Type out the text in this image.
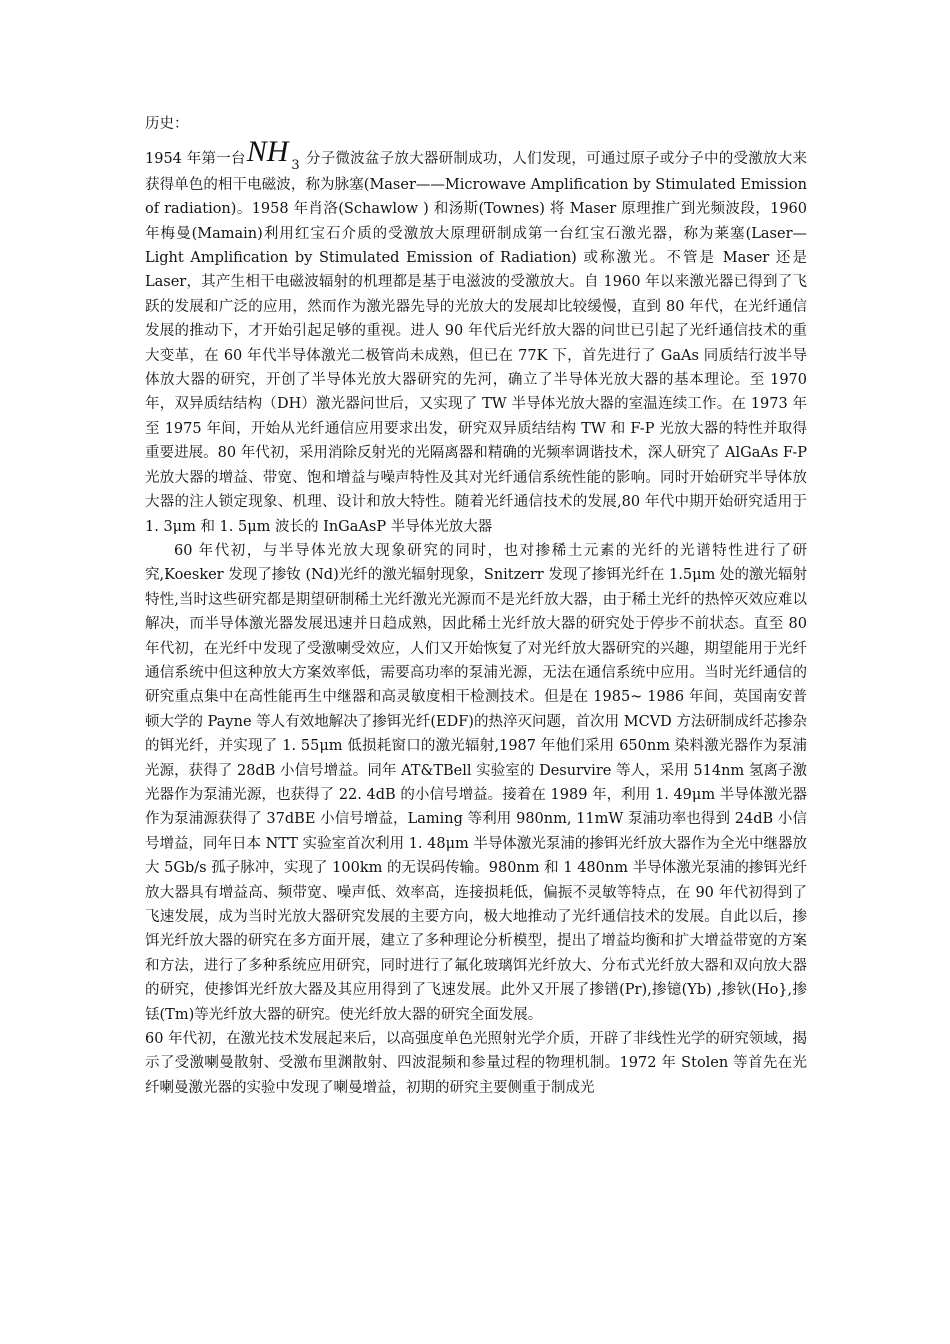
历史：

1954 年第一台NH 3 分子微波盆子放大器研制成功，人们发现，可通过原子或分子中的受激放大来获得单色的相干电磁波，称为脉塞(Maser——Microwave Amplification by Stimulated Emission of radiation)。1958 年肖洛(Schawlow ) 和汤斯(Townes) 将 Maser 原理推广到光频波段，1960 年梅曼(Mamain)利用红宝石介质的受激放大原理研制成第一台红宝石激光器，称为莱塞(Laser—Light Amplification by Stimulated Emission of Radiation) 或称激光。不管是 Maser 还是 Laser，其产生相干电磁波辐射的机理都是基于电滋波的受激放大。自 1960 年以来激光器已得到了飞跃的发展和广泛的应用，然而作为激光器先导的光放大的发展却比较缓慢，直到 80 年代，在光纤通信发展的推动下，才开始引起足够的重视。进人 90 年代后光纤放大器的问世已引起了光纤通信技术的重大变革，在 60 年代半导体激光二极管尚未成熟，但已在 77K 下，首先进行了 GaAs 同质结行波半导体放大器的研究，开创了半导体光放大器研究的先河，确立了半导体光放大器的基本理论。至 1970 年，双异质结结构（DH）激光器问世后，又实现了 TW 半导体光放大器的室温连续工作。在 1973 年至 1975 年间，开始从光纤通信应用要求出发，研究双异质结结构 TW 和 F-P 光放大器的特性并取得重要进展。80 年代初，采用消除反射光的光隔离器和精确的光频率调谐技术，深人研究了 AlGaAs F-P 光放大器的增益、带宽、饱和增益与噪声特性及其对光纤通信系统性能的影响。同时开始研究半导体放大器的注人锁定现象、机理、设计和放大特性。随着光纤通信技术的发展,80 年代中期开始研究适用于 1. 3μm 和 1. 5μm 波长的 InGaAsP 半导体光放大器

60 年代初，与半导体光放大现象研究的同时，也对掺稀土元素的光纤的光谱特性进行了研究,Koesker 发现了掺钕 (Nd)光纤的激光辐射现象，Snitzerr 发现了掺铒光纤在 1.5μm 处的激光辐射特性,当时这些研究都是期望研制稀土光纤激光光源而不是光纤放大器，由于稀土光纤的热悴灭效应难以解决，而半导体激光器发展迅速并日趋成熟，因此稀土光纤放大器的研究处于停步不前状态。直至 80 年代初，在光纤中发现了受激喇受效应，人们又开始恢复了对光纤放大器研究的兴趣，期望能用于光纤通信系统中但这种放大方案效率低，需要高功率的泵浦光源，无法在通信系统中应用。当时光纤通信的研究重点集中在高性能再生中继器和高灵敏度相干检测技术。但是在 1985~ 1986 年间，英国南安普顿大学的 Payne 等人有效地解决了掺铒光纤(EDF)的热淬灭问题，首次用 MCVD 方法研制成纤芯掺杂的铒光纤，并实现了 1. 55μm 低损耗窗口的激光辐射,1987 年他们采用 650nm 染料激光器作为泵浦光源，获得了 28dB 小信号增益。同年 AT&TBell 实验室的 Desurvire 等人，采用 514nm 氢离子激光器作为泵浦光源，也获得了 22. 4dB 的小信号增益。接着在 1989 年，利用 1. 49μm 半导体激光器作为泵浦源获得了 37dBE 小信号增益，Laming 等利用 980nm, 11mW 泵浦功率也得到 24dB 小信号增益，同年日本 NTT 实验室首次利用 1. 48μm 半导体激光泵浦的掺铒光纤放大器作为全光中继器放大 5Gb/s 孤子脉冲，实现了 100km 的无误码传输。980nm 和 1 480nm 半导体激光泵浦的掺铒光纤放大器具有增益高、频带宽、噪声低、效率高，连接损耗低，偏振不灵敏等特点，在 90 年代初得到了飞速发展，成为当时光放大器研究发展的主要方向，极大地推动了光纤通信技术的发展。自此以后，掺饵光纤放大器的研究在多方面开展，建立了多种理论分析模型，提出了增益均衡和扩大增益带宽的方案和方法，进行了多种系统应用研究，同时进行了氟化玻璃饵光纤放大、分布式光纤放大器和双向放大器的研究，使掺饵光纤放大器及其应用得到了飞速发展。此外又开展了掺镨(Pr),掺镱(Yb) ,掺钬(Ho},掺铥(Tm)等光纤放大器的研究。使光纤放大器的研究全面发展。

60 年代初，在激光技术发展起来后，以高强度单色光照射光学介质，开辟了非线性光学的研究领域，揭示了受激喇曼散射、受激布里渊散射、四波混频和参量过程的物理机制。1972 年 Stolen 等首先在光纤喇曼激光器的实验中发现了喇曼增益，初期的研究主要侧重于制成光
